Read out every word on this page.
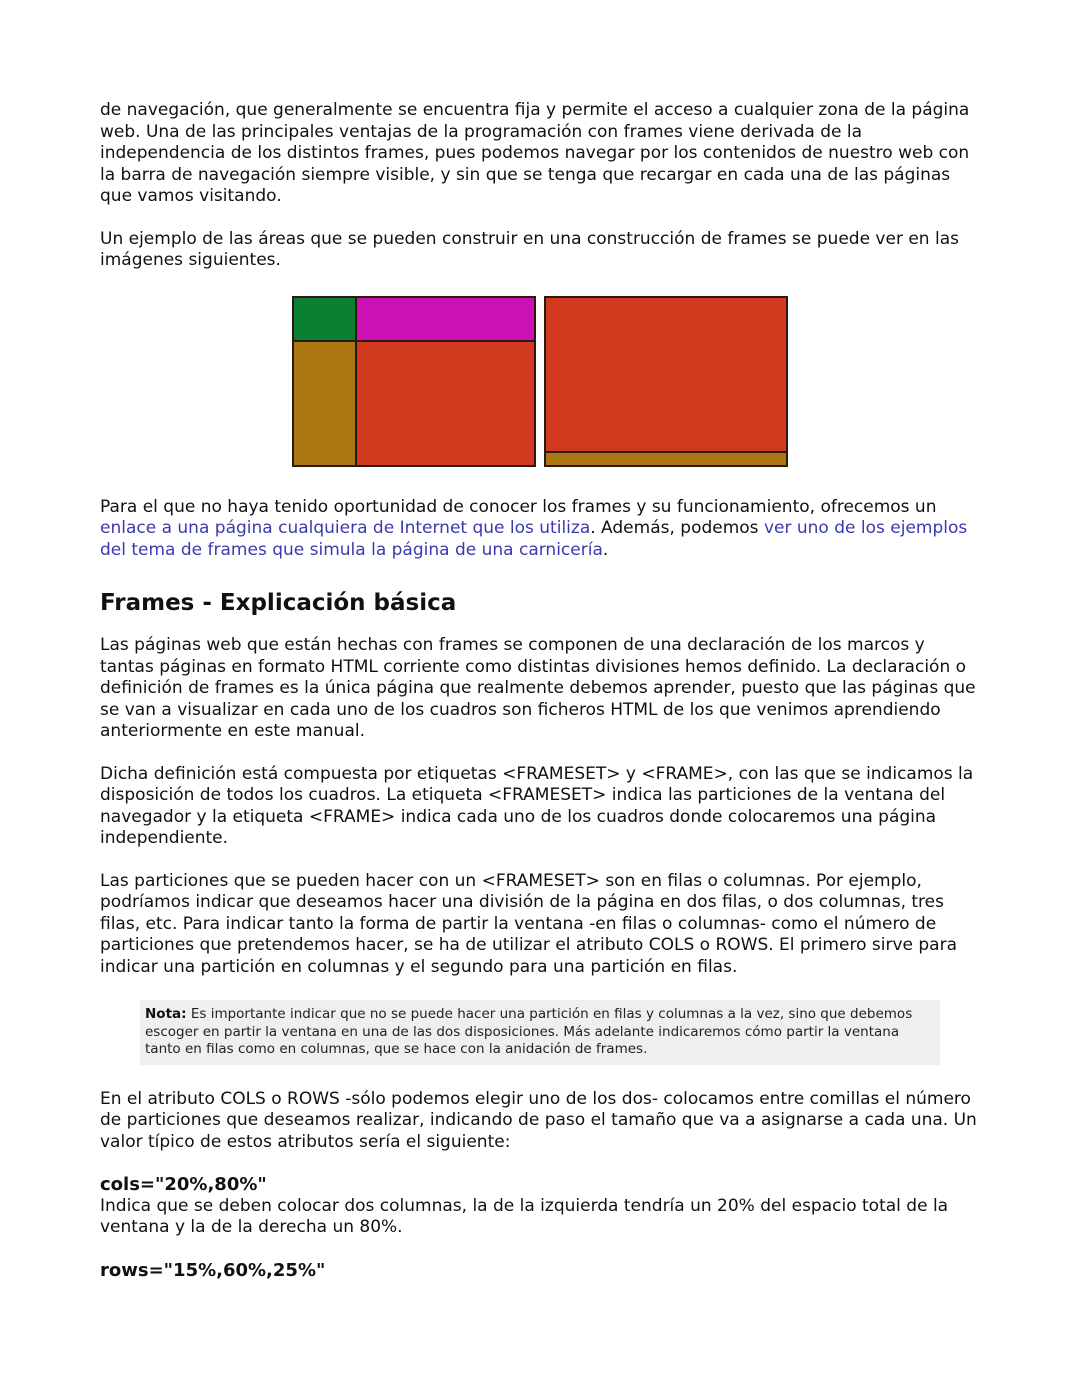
de navegación, que generalmente se encuentra fija y permite el acceso a cualquier zona de la página web. Una de las principales ventajas de la programación con frames viene derivada de la independencia de los distintos frames, pues podemos navegar por los contenidos de nuestro web con la barra de navegación siempre visible, y sin que se tenga que recargar en cada una de las páginas que vamos visitando.

Un ejemplo de las áreas que se pueden construir en una construcción de frames se puede ver en las imágenes siguientes.

Para el que no haya tenido oportunidad de conocer los frames y su funcionamiento, ofrecemos un enlace a una página cualquiera de Internet que los utiliza. Además, podemos ver uno de los ejemplos del tema de frames que simula la página de una carnicería.

Frames - Explicación básica

Las páginas web que están hechas con frames se componen de una declaración de los marcos y tantas páginas en formato HTML corriente como distintas divisiones hemos definido. La declaración o definición de frames es la única página que realmente debemos aprender, puesto que las páginas que se van a visualizar en cada uno de los cuadros son ficheros HTML de los que venimos aprendiendo anteriormente en este manual.

Dicha definición está compuesta por etiquetas <FRAMESET> y <FRAME>, con las que se indicamos la disposición de todos los cuadros. La etiqueta <FRAMESET> indica las particiones de la ventana del navegador y la etiqueta <FRAME> indica cada uno de los cuadros donde colocaremos una página independiente.

Las particiones que se pueden hacer con un <FRAMESET> son en filas o columnas. Por ejemplo, podríamos indicar que deseamos hacer una división de la página en dos filas, o dos columnas, tres filas, etc. Para indicar tanto la forma de partir la ventana -en filas o columnas- como el número de particiones que pretendemos hacer, se ha de utilizar el atributo COLS o ROWS. El primero sirve para indicar una partición en columnas y el segundo para una partición en filas.

Nota: Es importante indicar que no se puede hacer una partición en filas y columnas a la vez, sino que debemos escoger en partir la ventana en una de las dos disposiciones. Más adelante indicaremos cómo partir la ventana tanto en filas como en columnas, que se hace con la anidación de frames.

En el atributo COLS o ROWS -sólo podemos elegir uno de los dos- colocamos entre comillas el número de particiones que deseamos realizar, indicando de paso el tamaño que va a asignarse a cada una. Un valor típico de estos atributos sería el siguiente:

cols="20%,80%"

Indica que se deben colocar dos columnas, la de la izquierda tendría un 20% del espacio total de la ventana y la de la derecha un 80%.

rows="15%,60%,25%"
